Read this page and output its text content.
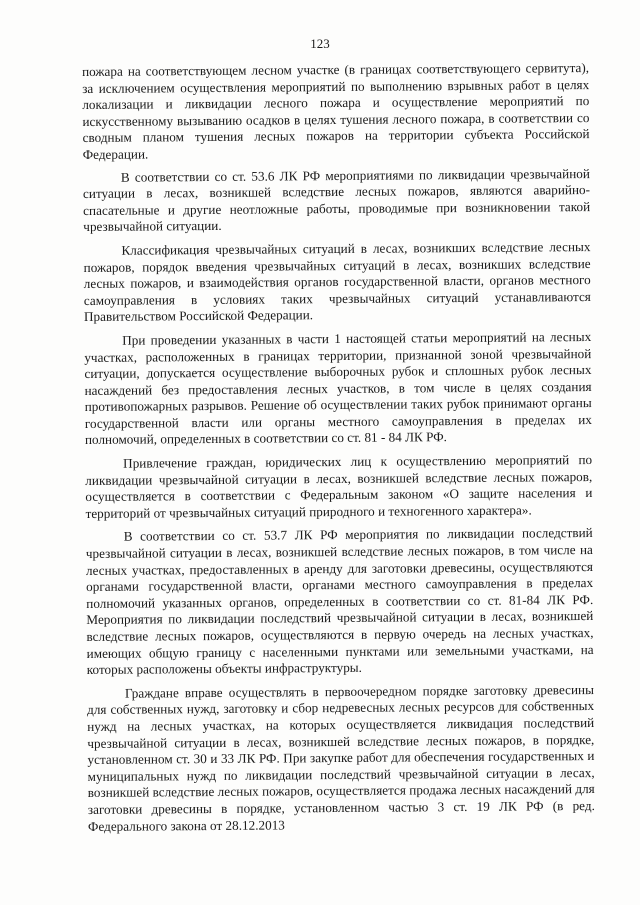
123

пожара на соответствующем лесном участке (в границах соответствующего сервитута), за исключением осуществления мероприятий по выполнению взрывных работ в целях локализации и ликвидации лесного пожара и осуществление мероприятий по искусственному вызыванию осадков в целях тушения лесного пожара, в соответствии со сводным планом тушения лесных пожаров на территории субъекта Российской Федерации.

В соответствии со ст. 53.6 ЛК РФ мероприятиями по ликвидации чрезвычайной ситуации в лесах, возникшей вследствие лесных пожаров, являются аварийно-спасательные и другие неотложные работы, проводимые при возникновении такой чрезвычайной ситуации.

Классификация чрезвычайных ситуаций в лесах, возникших вследствие лесных пожаров, порядок введения чрезвычайных ситуаций в лесах, возникших вследствие лесных пожаров, и взаимодействия органов государственной власти, органов местного самоуправления в условиях таких чрезвычайных ситуаций устанавливаются Правительством Российской Федерации.

При проведении указанных в части 1 настоящей статьи мероприятий на лесных участках, расположенных в границах территории, признанной зоной чрезвычайной ситуации, допускается осуществление выборочных рубок и сплошных рубок лесных насаждений без предоставления лесных участков, в том числе в целях создания противопожарных разрывов. Решение об осуществлении таких рубок принимают органы государственной власти или органы местного самоуправления в пределах их полномочий, определенных в соответствии со ст. 81 - 84 ЛК РФ.

Привлечение граждан, юридических лиц к осуществлению мероприятий по ликвидации чрезвычайной ситуации в лесах, возникшей вследствие лесных пожаров, осуществляется в соответствии с Федеральным законом «О защите населения и территорий от чрезвычайных ситуаций природного и техногенного характера».

В соответствии со ст. 53.7 ЛК РФ мероприятия по ликвидации последствий чрезвычайной ситуации в лесах, возникшей вследствие лесных пожаров, в том числе на лесных участках, предоставленных в аренду для заготовки древесины, осуществляются органами государственной власти, органами местного самоуправления в пределах полномочий указанных органов, определенных в соответствии со ст. 81-84 ЛК РФ. Мероприятия по ликвидации последствий чрезвычайной ситуации в лесах, возникшей вследствие лесных пожаров, осуществляются в первую очередь на лесных участках, имеющих общую границу с населенными пунктами или земельными участками, на которых расположены объекты инфраструктуры.

Граждане вправе осуществлять в первоочередном порядке заготовку древесины для собственных нужд, заготовку и сбор недревесных лесных ресурсов для собственных нужд на лесных участках, на которых осуществляется ликвидация последствий чрезвычайной ситуации в лесах, возникшей вследствие лесных пожаров, в порядке, установленном ст. 30 и 33 ЛК РФ. При закупке работ для обеспечения государственных и муниципальных нужд по ликвидации последствий чрезвычайной ситуации в лесах, возникшей вследствие лесных пожаров, осуществляется продажа лесных насаждений для заготовки древесины в порядке, установленном частью 3 ст. 19 ЛК РФ (в ред. Федерального закона от 28.12.2013
